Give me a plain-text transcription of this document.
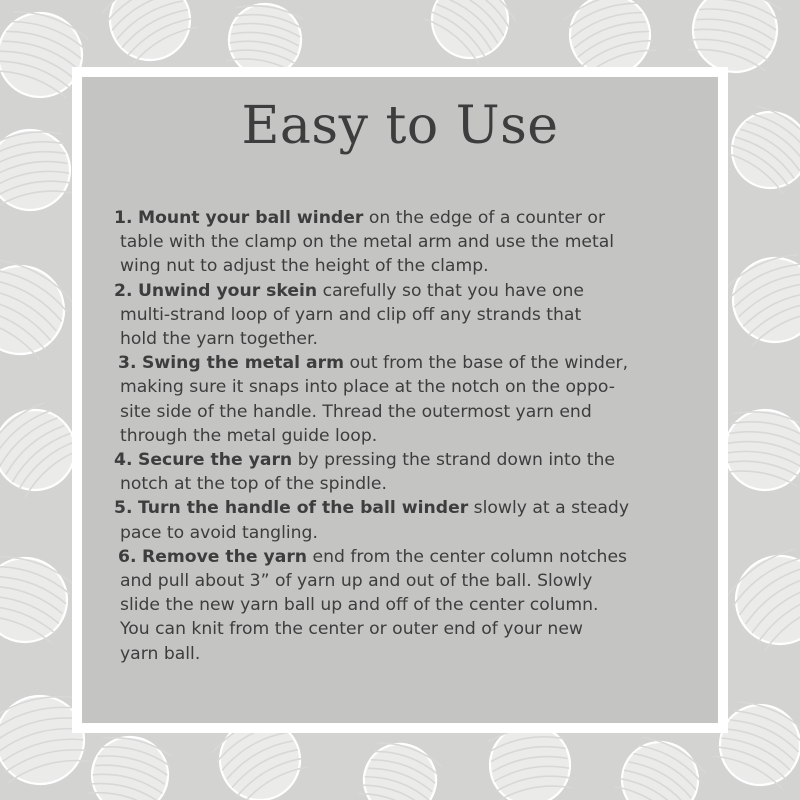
Easy to Use
1. Mount your ball winder on the edge of a counter or
table with the clamp on the metal arm and use the metal
wing nut to adjust the height of the clamp.
2. Unwind your skein carefully so that you have one
multi-strand loop of yarn and clip off any strands that
hold the yarn together.
3. Swing the metal arm out from the base of the winder,
making sure it snaps into place at the notch on the oppo-
site side of the handle. Thread the outermost yarn end
through the metal guide loop.
4. Secure the yarn by pressing the strand down into the
notch at the top of the spindle.
5. Turn the handle of the ball winder slowly at a steady
pace to avoid tangling.
6. Remove the yarn end from the center column notches
and pull about 3” of yarn up and out of the ball. Slowly
slide the new yarn ball up and off of the center column.
You can knit from the center or outer end of your new
yarn ball.
